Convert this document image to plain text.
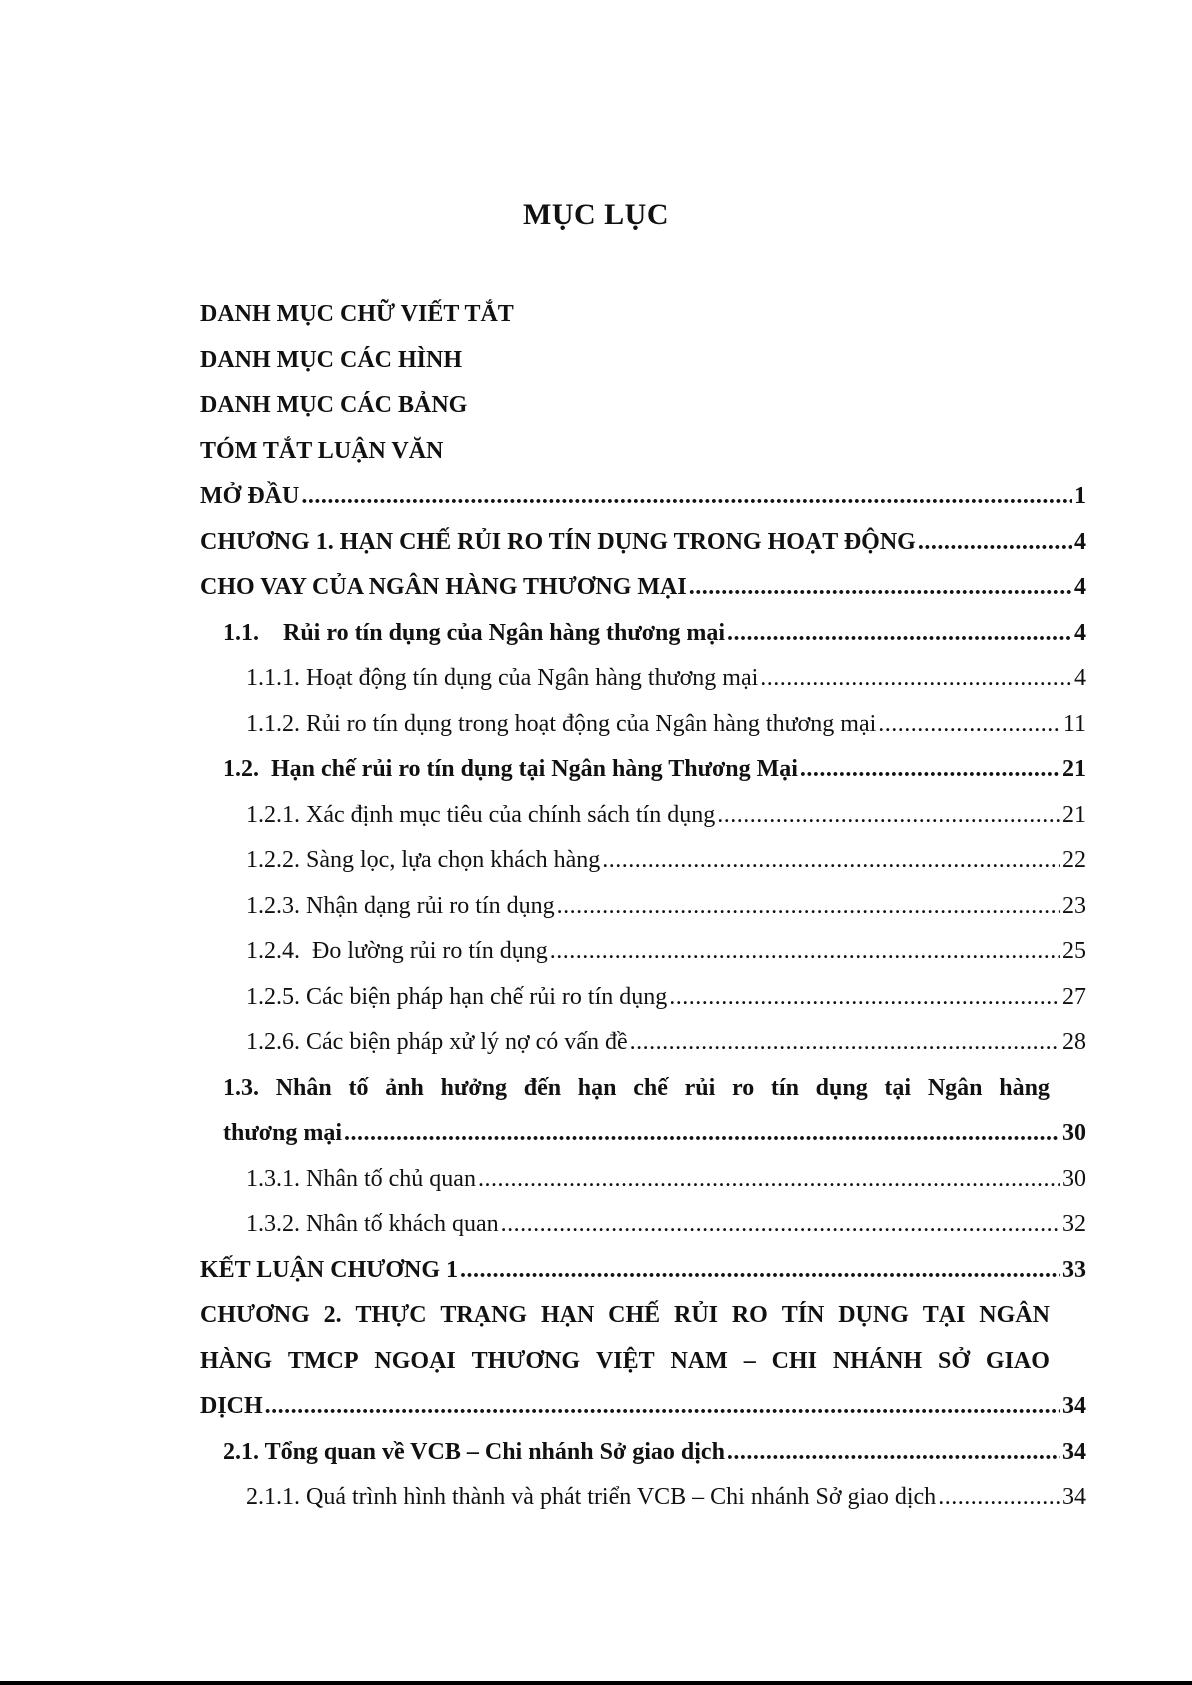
MỤC LỤC
DANH MỤC CHỮ VIẾT TẮT
DANH MỤC CÁC HÌNH
DANH MỤC CÁC BẢNG
TÓM TẮT LUẬN VĂN
MỞ ĐẦU .....	1
CHƯƠNG 1. HẠN CHẾ RỦI RO TÍN DỤNG TRONG HOẠT ĐỘNG .....	4
CHO VAY CỦA NGÂN HÀNG THƯƠNG MẠI .....	4
1.1.    Rủi ro tín dụng của Ngân hàng thương mại .....	4
1.1.1. Hoạt động tín dụng của Ngân hàng thương mại .....	4
1.1.2. Rủi ro tín dụng trong hoạt động của Ngân hàng thương mại .....	11
1.2.  Hạn chế rủi ro tín dụng tại Ngân hàng Thương Mại .....	21
1.2.1. Xác định mục tiêu của chính sách tín dụng .....	21
1.2.2. Sàng lọc, lựa chọn khách hàng .....	22
1.2.3. Nhận dạng rủi ro tín dụng .....	23
1.2.4.  Đo lường rủi ro tín dụng .....	25
1.2.5. Các biện pháp hạn chế rủi ro tín dụng .....	27
1.2.6. Các biện pháp xử lý nợ có vấn đề .....	28
1.3. Nhân tố ảnh hưởng đến hạn chế rủi ro tín dụng tại Ngân hàng
thương mại .....	30
1.3.1. Nhân tố chủ quan .....	30
1.3.2. Nhân tố khách quan .....	32
KẾT LUẬN CHƯƠNG 1 .....	33
CHƯƠNG 2. THỰC TRẠNG HẠN CHẾ RỦI RO TÍN DỤNG TẠI NGÂN
HÀNG TMCP NGOẠI THƯƠNG VIỆT NAM – CHI NHÁNH SỞ GIAO
DỊCH .....	34
2.1. Tổng quan về VCB – Chi nhánh Sở giao dịch .....	34
2.1.1. Quá trình hình thành và phát triển VCB – Chi nhánh Sở giao dịch .....	34
